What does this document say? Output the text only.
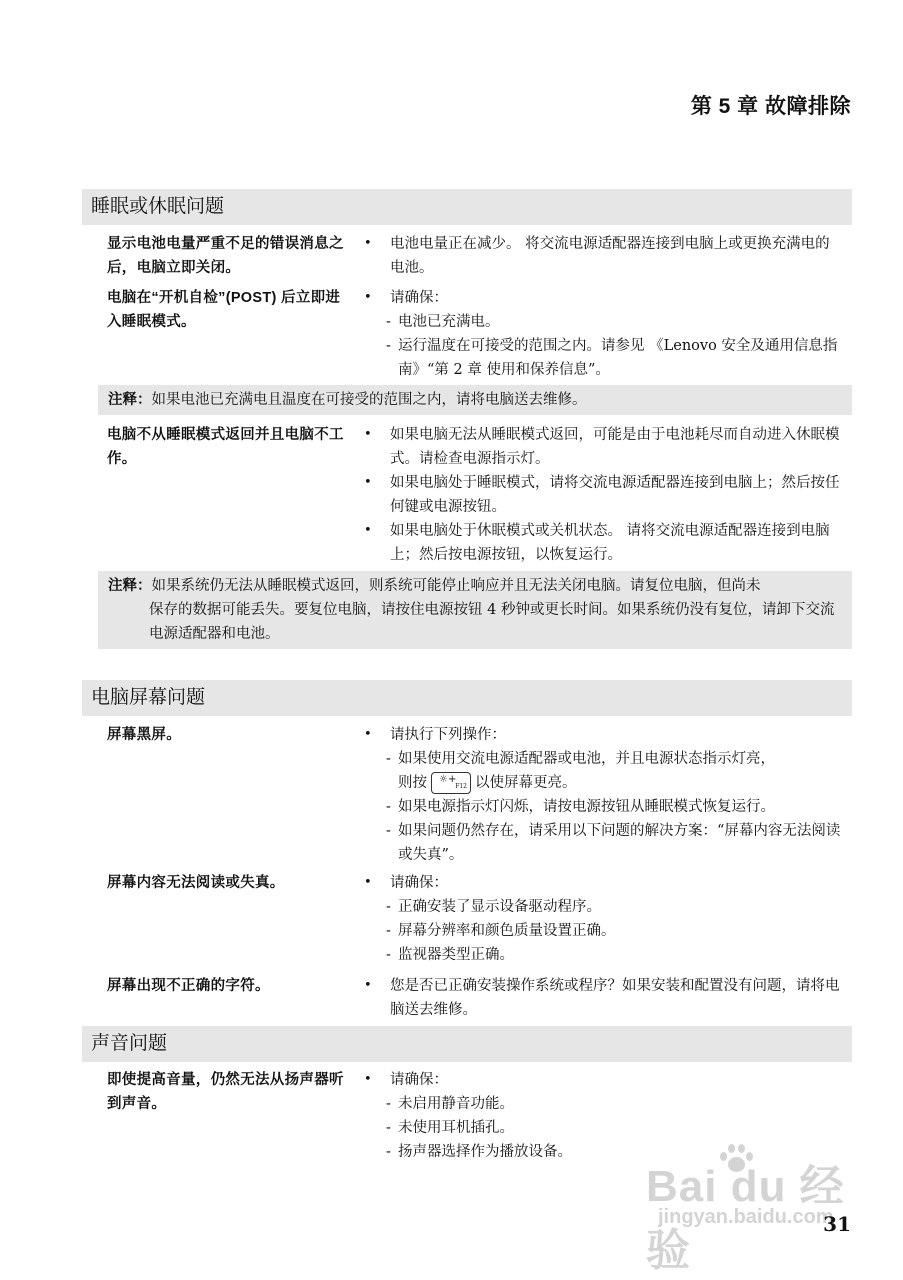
第 5 章 故障排除
睡眠或休眠问题
显示电池电量严重不足的错误消息之后，电脑立即关闭。
• 电池电量正在减少。 将交流电源适配器连接到电脑上或更换充满电的电池。
电脑在“开机自检”(POST) 后立即进入睡眠模式。
• 请确保：
- 电池已充满电。
- 运行温度在可接受的范围之内。请参见 《Lenovo 安全及通用信息指南》“第 2 章 使用和保养信息”。
注释：如果电池已充满电且温度在可接受的范围之内，请将电脑送去维修。
电脑不从睡眠模式返回并且电脑不工作。
• 如果电脑无法从睡眠模式返回，可能是由于电池耗尽而自动进入休眠模式。请检查电源指示灯。
• 如果电脑处于睡眠模式，请将交流电源适配器连接到电脑上；然后按任何键或电源按钮。
• 如果电脑处于休眠模式或关机状态。 请将交流电源适配器连接到电脑上；然后按电源按钮，以恢复运行。
注释：如果系统仍无法从睡眠模式返回，则系统可能停止响应并且无法关闭电脑。请复位电脑，但尚未
保存的数据可能丢失。要复位电脑，请按住电源按钮 4 秒钟或更长时间。如果系统仍没有复位，请卸下交流电源适配器和电池。
电脑屏幕问题
屏幕黑屏。	• 请执行下列操作：
- 如果使用交流电源适配器或电池，并且电源状态指示灯亮，
则按 ☼+
F12 以使屏幕更亮。
- 如果电源指示灯闪烁，请按电源按钮从睡眠模式恢复运行。
- 如果问题仍然存在，请采用以下问题的解决方案：“屏幕内容无法阅读或失真”。
屏幕内容无法阅读或失真。	• 请确保：
- 正确安装了显示设备驱动程序。
- 屏幕分辨率和颜色质量设置正确。
- 监视器类型正确。
屏幕出现不正确的字符。	• 您是否已正确安装操作系统或程序？如果安装和配置没有问题，请将电脑送去维修。
声音问题
即使提高音量，仍然无法从扬声器听到声音。
• 请确保：
- 未启用静音功能。
- 未使用耳机插孔。
- 扬声器选择作为播放设备。
Bai du 经验
jingyan.baidu.com
31
